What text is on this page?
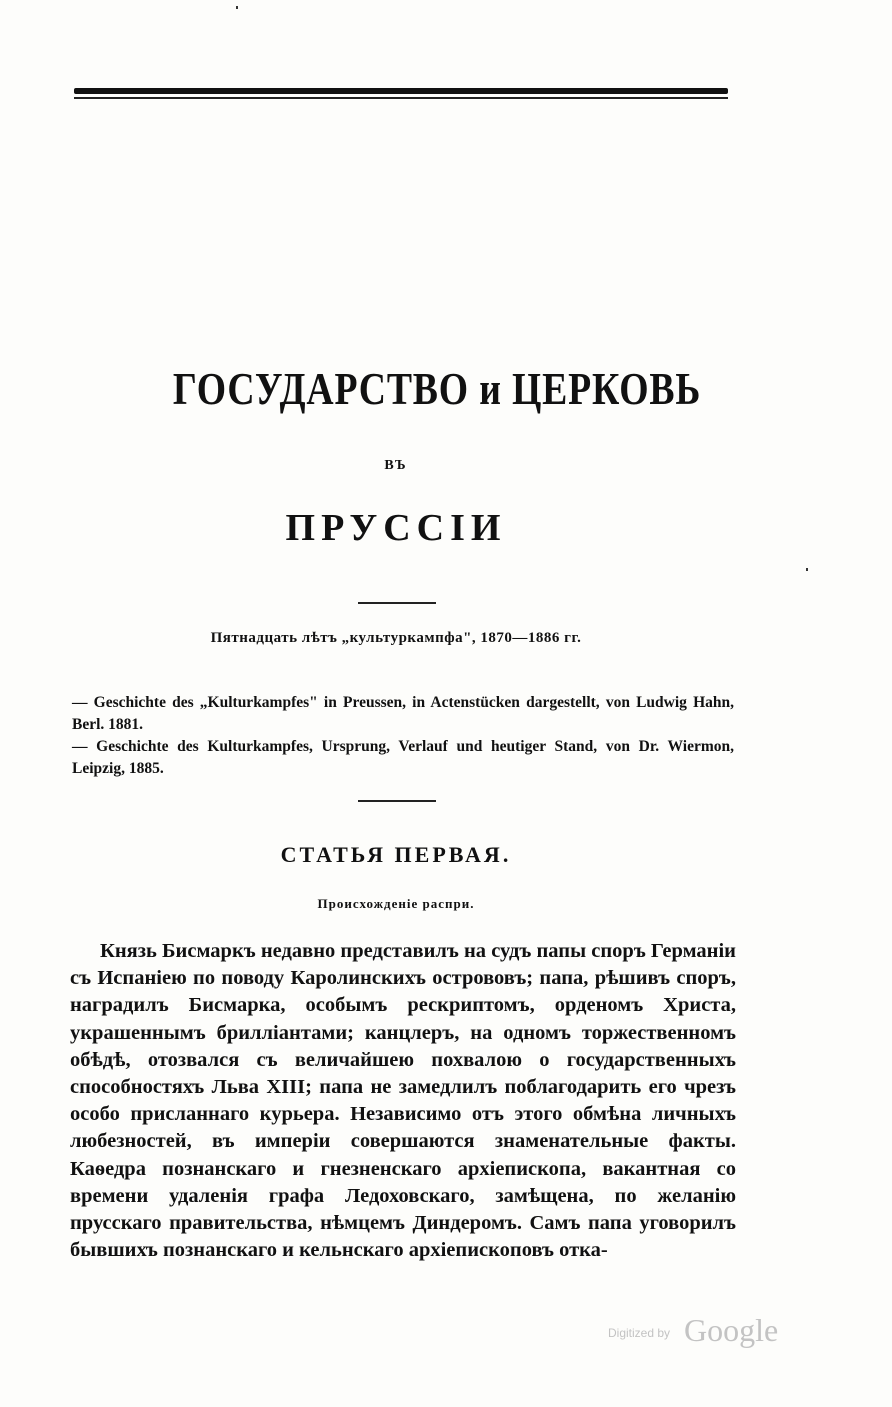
ГОСУДАРСТВО и ЦЕРКОВЬ
ВЪ
ПРУССІИ
Пятнадцать лѣтъ „культуркампфа", 1870—1886 гг.

— Geschichte des „Kulturkampfes" in Preussen, in Actenstücken dargestellt, von Ludwig Hahn, Berl. 1881.

— Geschichte des Kulturkampfes, Ursprung, Verlauf und heutiger Stand, von Dr. Wiermon, Leipzig, 1885.

СТАТЬЯ ПЕРВАЯ.
Происхожденіе распри.

Князь Бисмаркъ недавно представилъ на судъ папы споръ Германіи съ Испаніею по поводу Каролинскихъ острововъ; папа, рѣшивъ споръ, наградилъ Бисмарка, особымъ рескриптомъ, орденомъ Христа, украшеннымъ бриллiантами; канцлеръ, на одномъ торжественномъ обѣдѣ, отозвался съ величайшею похвалою о государственныхъ способностяхъ Льва XIII; папа не замедлилъ поблагодарить его чрезъ особо присланнаго курьера. Независимо отъ этого обмѣна личныхъ любезностей, въ имперіи совершаются знаменательные факты. Каѳедра познанскаго и гнезненскаго архіепископа, вакантная со времени удаленія графа Ледоховскаго, замѣщена, по желанію прусскаго правительства, нѣмцемъ Диндеромъ. Самъ папа уговорилъ бывшихъ познанскаго и кельнскаго архіепископовъ отка-

Digitized by Google
